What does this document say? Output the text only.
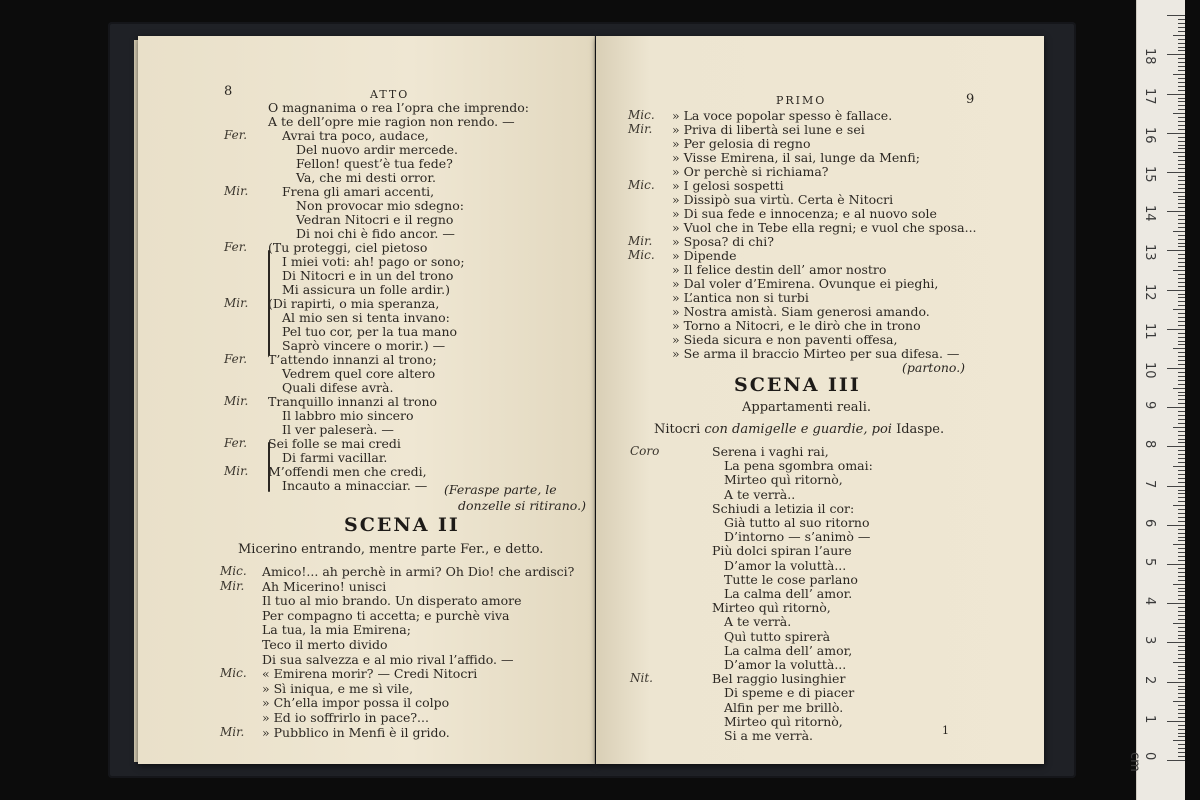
8	ATTO
O magnanima o rea l’opra che imprendo:
A te dell’opre mie ragion non rendo. —
Fer.	Avrai tra poco, audace,
Del nuovo ardir mercede.
Fellon! quest’è tua fede?
Va, che mi desti orror.
Mir.	Frena gli amari accenti,
Non provocar mio sdegno:
Vedran Nitocri e il regno
Di noi chi è fido ancor. —
Fer. (Tu proteggi, ciel pietoso
I miei voti: ah! pago or sono;
Di Nitocri e in un del trono
Mi assicura un folle ardir.)
Mir. (Di rapirti, o mia speranza,
Al mio sen si tenta invano:
Pel tuo cor, per la tua mano
Saprò vincere o morir.) —
Fer. T’attendo innanzi al trono;
Vedrem quel core altero
Quali difese avrà.
Mir. Tranquillo innanzi al trono
Il labbro mio sincero
Il ver paleserà. —
Fer. Sei folle se mai credi
Di farmi vacillar.
Mir. M’offendi men che credi,
Incauto a minacciar. — (Feraspe parte, le
donzelle si ritirano.)
SCENA II
Micerino entrando, mentre parte Fer., e detto.
Mic. Amico!... ah perchè in armi? Oh Dio! che ardisci?
Mir. Ah Micerino! unisci
Il tuo al mio brando. Un disperato amore
Per compagno ti accetta; e purchè viva
La tua, la mia Emirena;
Teco il merto divido
Di sua salvezza e al mio rival l’affido. —
Mic. « Emirena morir? — Credi Nitocri
» Sì iniqua, e me sì vile,
» Ch’ella impor possa il colpo
» Ed io soffrirlo in pace?...
Mir. » Pubblico in Menfi è il grido.
PRIMO	9
Mic. » La voce popolar spesso è fallace.
Mir. » Priva di libertà sei lune e sei
» Per gelosia di regno
» Visse Emirena, il sai, lunge da Menfi;
» Or perchè si richiama?
Mic. » I gelosi sospetti
» Dissipò sua virtù. Certa è Nitocri
» Di sua fede e innocenza; e al nuovo sole
» Vuol che in Tebe ella regni; e vuol che sposa...
Mir. » Sposa? di chi?
Mic. » Dipende
» Il felice destin dell’ amor nostro
» Dal voler d’Emirena. Ovunque ei pieghi,
» L’antica non si turbi
» Nostra amistà. Siam generosi amando.
» Torno a Nitocri, e le dirò che in trono
» Sieda sicura e non paventi offesa,
» Se arma il braccio Mirteo per sua difesa. —
(partono.)
SCENA III
Appartamenti reali.
Nitocri con damigelle e guardie, poi Idaspe.
Coro	Serena i vaghi rai,
La pena sgombra omai:
Mirteo quì ritornò,
A te verrà..
Schiudi a letizia il cor:
Già tutto al suo ritorno
D’intorno — s’animò —
Più dolci spiran l’aure
D’amor la voluttà...
Tutte le cose parlano
La calma dell’ amor.
Mirteo quì ritornò,
A te verrà.
Quì tutto spirerà
La calma dell’ amor,
D’amor la voluttà...
Nit.	Bel raggio lusinghier
Di speme e di piacer
Alfin per me brillò.
Mirteo quì ritornò,
Si a me verrà.	1
0 cm
1
2
3
4
5
6
7
8
9
10
11
12
13
14
15
16
17
18
